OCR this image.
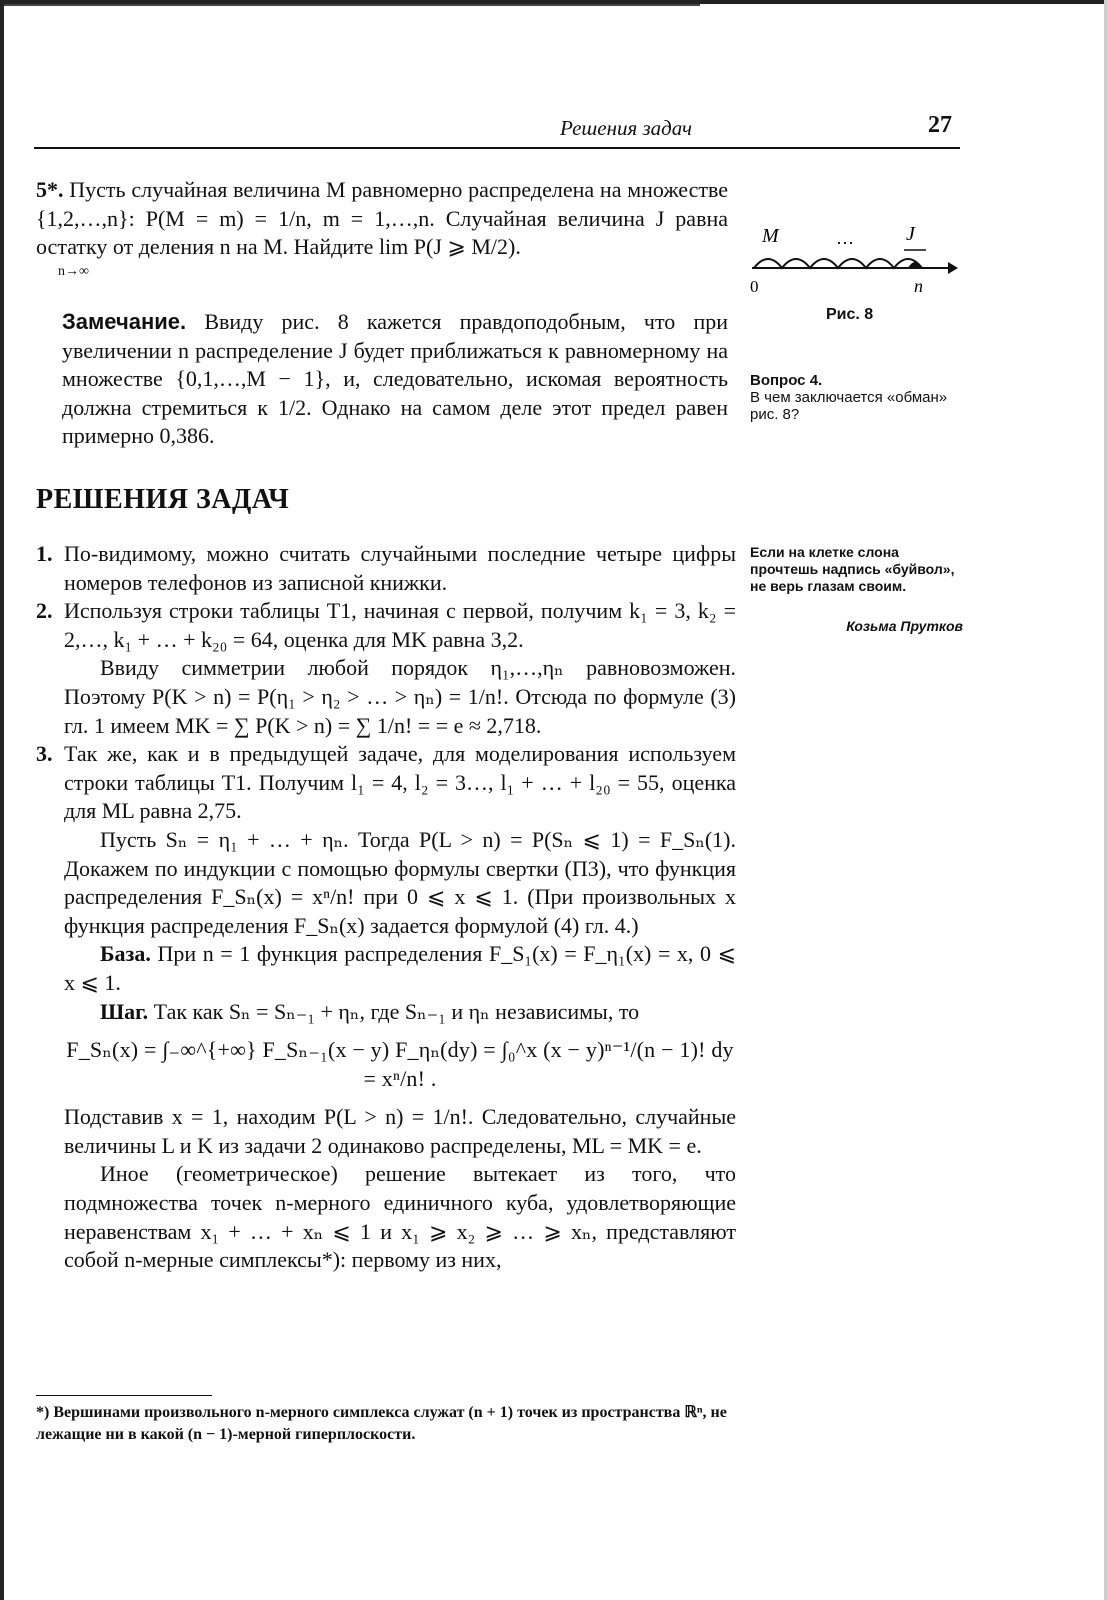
Решения задач	27

5*. Пусть случайная величина M равномерно распределена на множестве {1,2,…,n}: P(M = m) = 1/n, m = 1,…,n. Случайная величина J равна остатку от деления n на M. Найдите lim P(J ⩾ M/2).

n→∞

Замечание. Ввиду рис. 8 кажется правдоподобным, что при увеличении n распределение J будет приближаться к равномерному на множестве {0,1,…,M − 1}, и, следовательно, искомая вероятность должна стремиться к 1/2. Однако на самом деле этот предел равен примерно 0,386.

M	…	J
0	n
Рис. 8
Вопрос 4.
В чем заключается «обман» рис. 8?
РЕШЕНИЯ ЗАДАЧ
Если на клетке слона прочтешь надпись «буйвол», не верь глазам своим.
Козьма Прутков
1. По-видимому, можно считать случайными последние четыре цифры номеров телефонов из записной книжки.

2. Используя строки таблицы T1, начиная с первой, получим k₁ = 3, k₂ = 2,…, k₁ + … + k₂₀ = 64, оценка для MK равна 3,2.

Ввиду симметрии любой порядок η₁,…,ηₙ равновозможен. Поэтому P(K > n) = P(η₁ > η₂ > … > ηₙ) = 1/n!. Отсюда по формуле (3) гл. 1 имеем MK = ∑ P(K > n) = ∑ 1/n! = = e ≈ 2,718.

3. Так же, как и в предыдущей задаче, для моделирования используем строки таблицы T1. Получим l₁ = 4, l₂ = 3…, l₁ + … + l₂₀ = 55, оценка для ML равна 2,75.

Пусть Sₙ = η₁ + … + ηₙ. Тогда P(L > n) = P(Sₙ ⩽ 1) = F_Sₙ(1). Докажем по индукции с помощью формулы свертки (П3), что функция распределения F_Sₙ(x) = xⁿ/n! при 0 ⩽ x ⩽ 1. (При произвольных x функция распределения F_Sₙ(x) задается формулой (4) гл. 4.)

База. При n = 1 функция распределения F_S₁(x) = F_η₁(x) = x, 0 ⩽ x ⩽ 1.

Шаг. Так как Sₙ = Sₙ₋₁ + ηₙ, где Sₙ₋₁ и ηₙ независимы, то

F_Sₙ(x) = ∫₋∞^{+∞} F_Sₙ₋₁(x − y) F_ηₙ(dy) = ∫₀^x (x − y)ⁿ⁻¹/(n − 1)! dy = xⁿ/n! .

Подставив x = 1, находим P(L > n) = 1/n!. Следовательно, случайные величины L и K из задачи 2 одинаково распределены, ML = MK = e.

Иное (геометрическое) решение вытекает из того, что подмножества точек n-мерного единичного куба, удовлетворяющие неравенствам x₁ + … + xₙ ⩽ 1 и x₁ ⩾ x₂ ⩾ … ⩾ xₙ, представляют собой n-мерные симплексы*): первому из них,

*) Вершинами произвольного n-мерного симплекса служат (n + 1) точек из пространства ℝⁿ, не лежащие ни в какой (n − 1)-мерной гиперплоскости.
